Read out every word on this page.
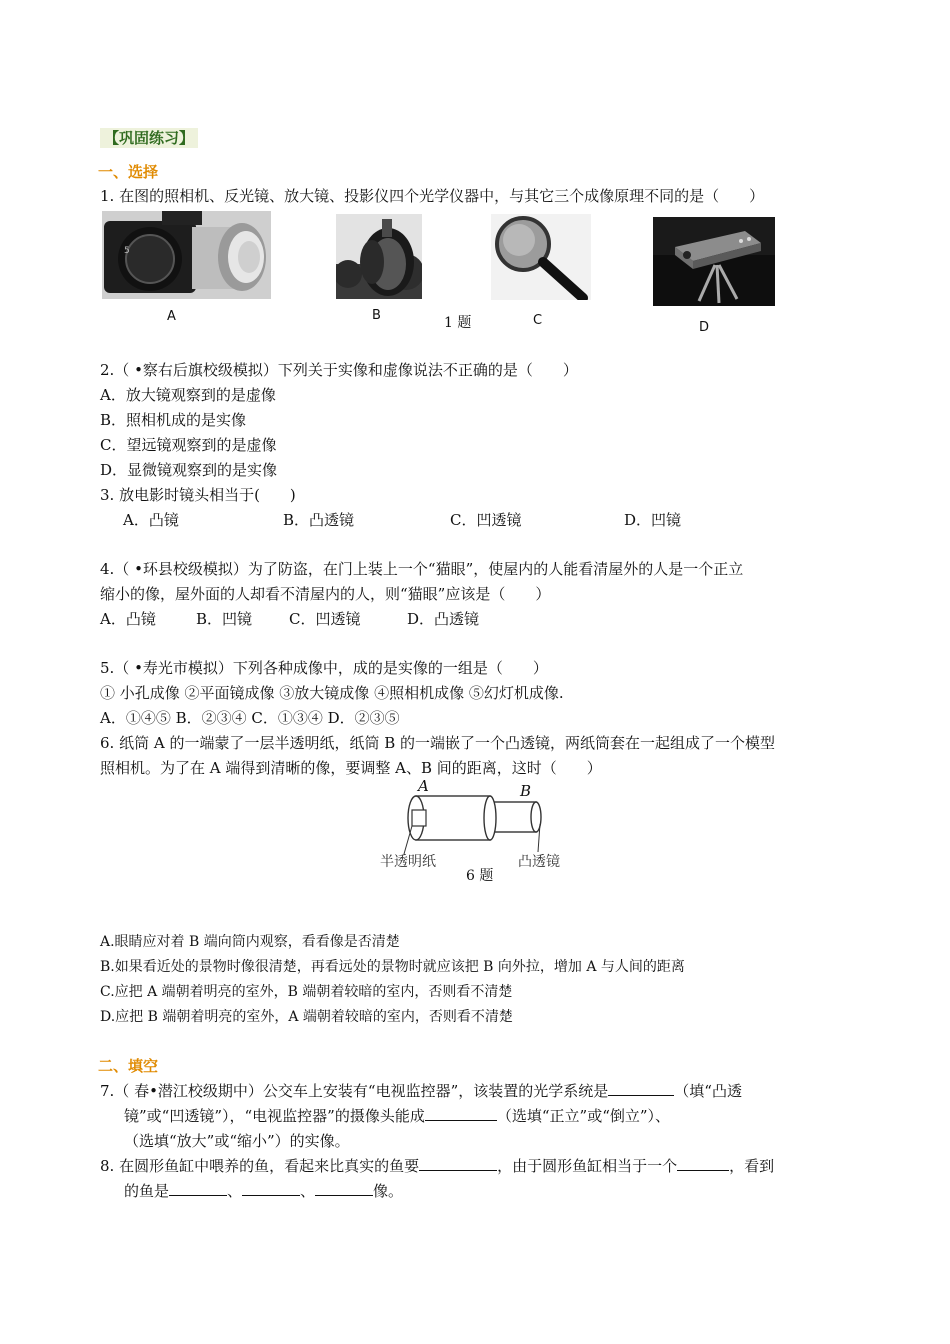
【巩固练习】
一、选择
1. 在图的照相机、反光镜、放大镜、投影仪四个光学仪器中，与其它三个成像原理不同的是（　　）
5
A	B	1 题	C	D
2.（ •察右后旗校级模拟）下列关于实像和虚像说法不正确的是（　　）
A．放大镜观察到的是虚像
B．照相机成的是实像
C．望远镜观察到的是虚像
D．显微镜观察到的是实像
3. 放电影时镜头相当于(　　)
A．凸镜	B．凸透镜	C．凹透镜	D．凹镜
4.（ •环县校级模拟）为了防盗，在门上装上一个“猫眼”，使屋内的人能看清屋外的人是一个正立
缩小的像，屋外面的人却看不清屋内的人，则“猫眼”应该是（　　）
A．凸镜	B．凹镜 C．凹透镜	D．凸透镜
5.（ •寿光市模拟）下列各种成像中，成的是实像的一组是（　　）
① 小孔成像 ②平面镜成像 ③放大镜成像 ④照相机成像 ⑤幻灯机成像.
A．①④⑤ B．②③④ C．①③④ D．②③⑤
6. 纸筒 A 的一端蒙了一层半透明纸，纸筒 B 的一端嵌了一个凸透镜，两纸筒套在一起组成了一个模型
照相机。为了在 A 端得到清晰的像，要调整 A、B 间的距离，这时（　　）
A	B
半透明纸	凸透镜
6 题
A.眼睛应对着 B 端向筒内观察，看看像是否清楚
B.如果看近处的景物时像很清楚，再看远处的景物时就应该把 B 向外拉，增加 A 与人间的距离
C.应把 A 端朝着明亮的室外，B 端朝着较暗的室内，否则看不清楚
D.应把 B 端朝着明亮的室外，A 端朝着较暗的室内，否则看不清楚
二、填空
7.（ 春•潜江校级期中）公交车上安装有“电视监控器”，该装置的光学系统是	（填“凸透
镜”或“凹透镜”），“电视监控器”的摄像头能成	（选填“正立”或“倒立”）、
（选填“放大”或“缩小”）的实像。
8. 在圆形鱼缸中喂养的鱼，看起来比真实的鱼要	，由于圆形鱼缸相当于一个	，看到
的鱼是	、	、	像。
